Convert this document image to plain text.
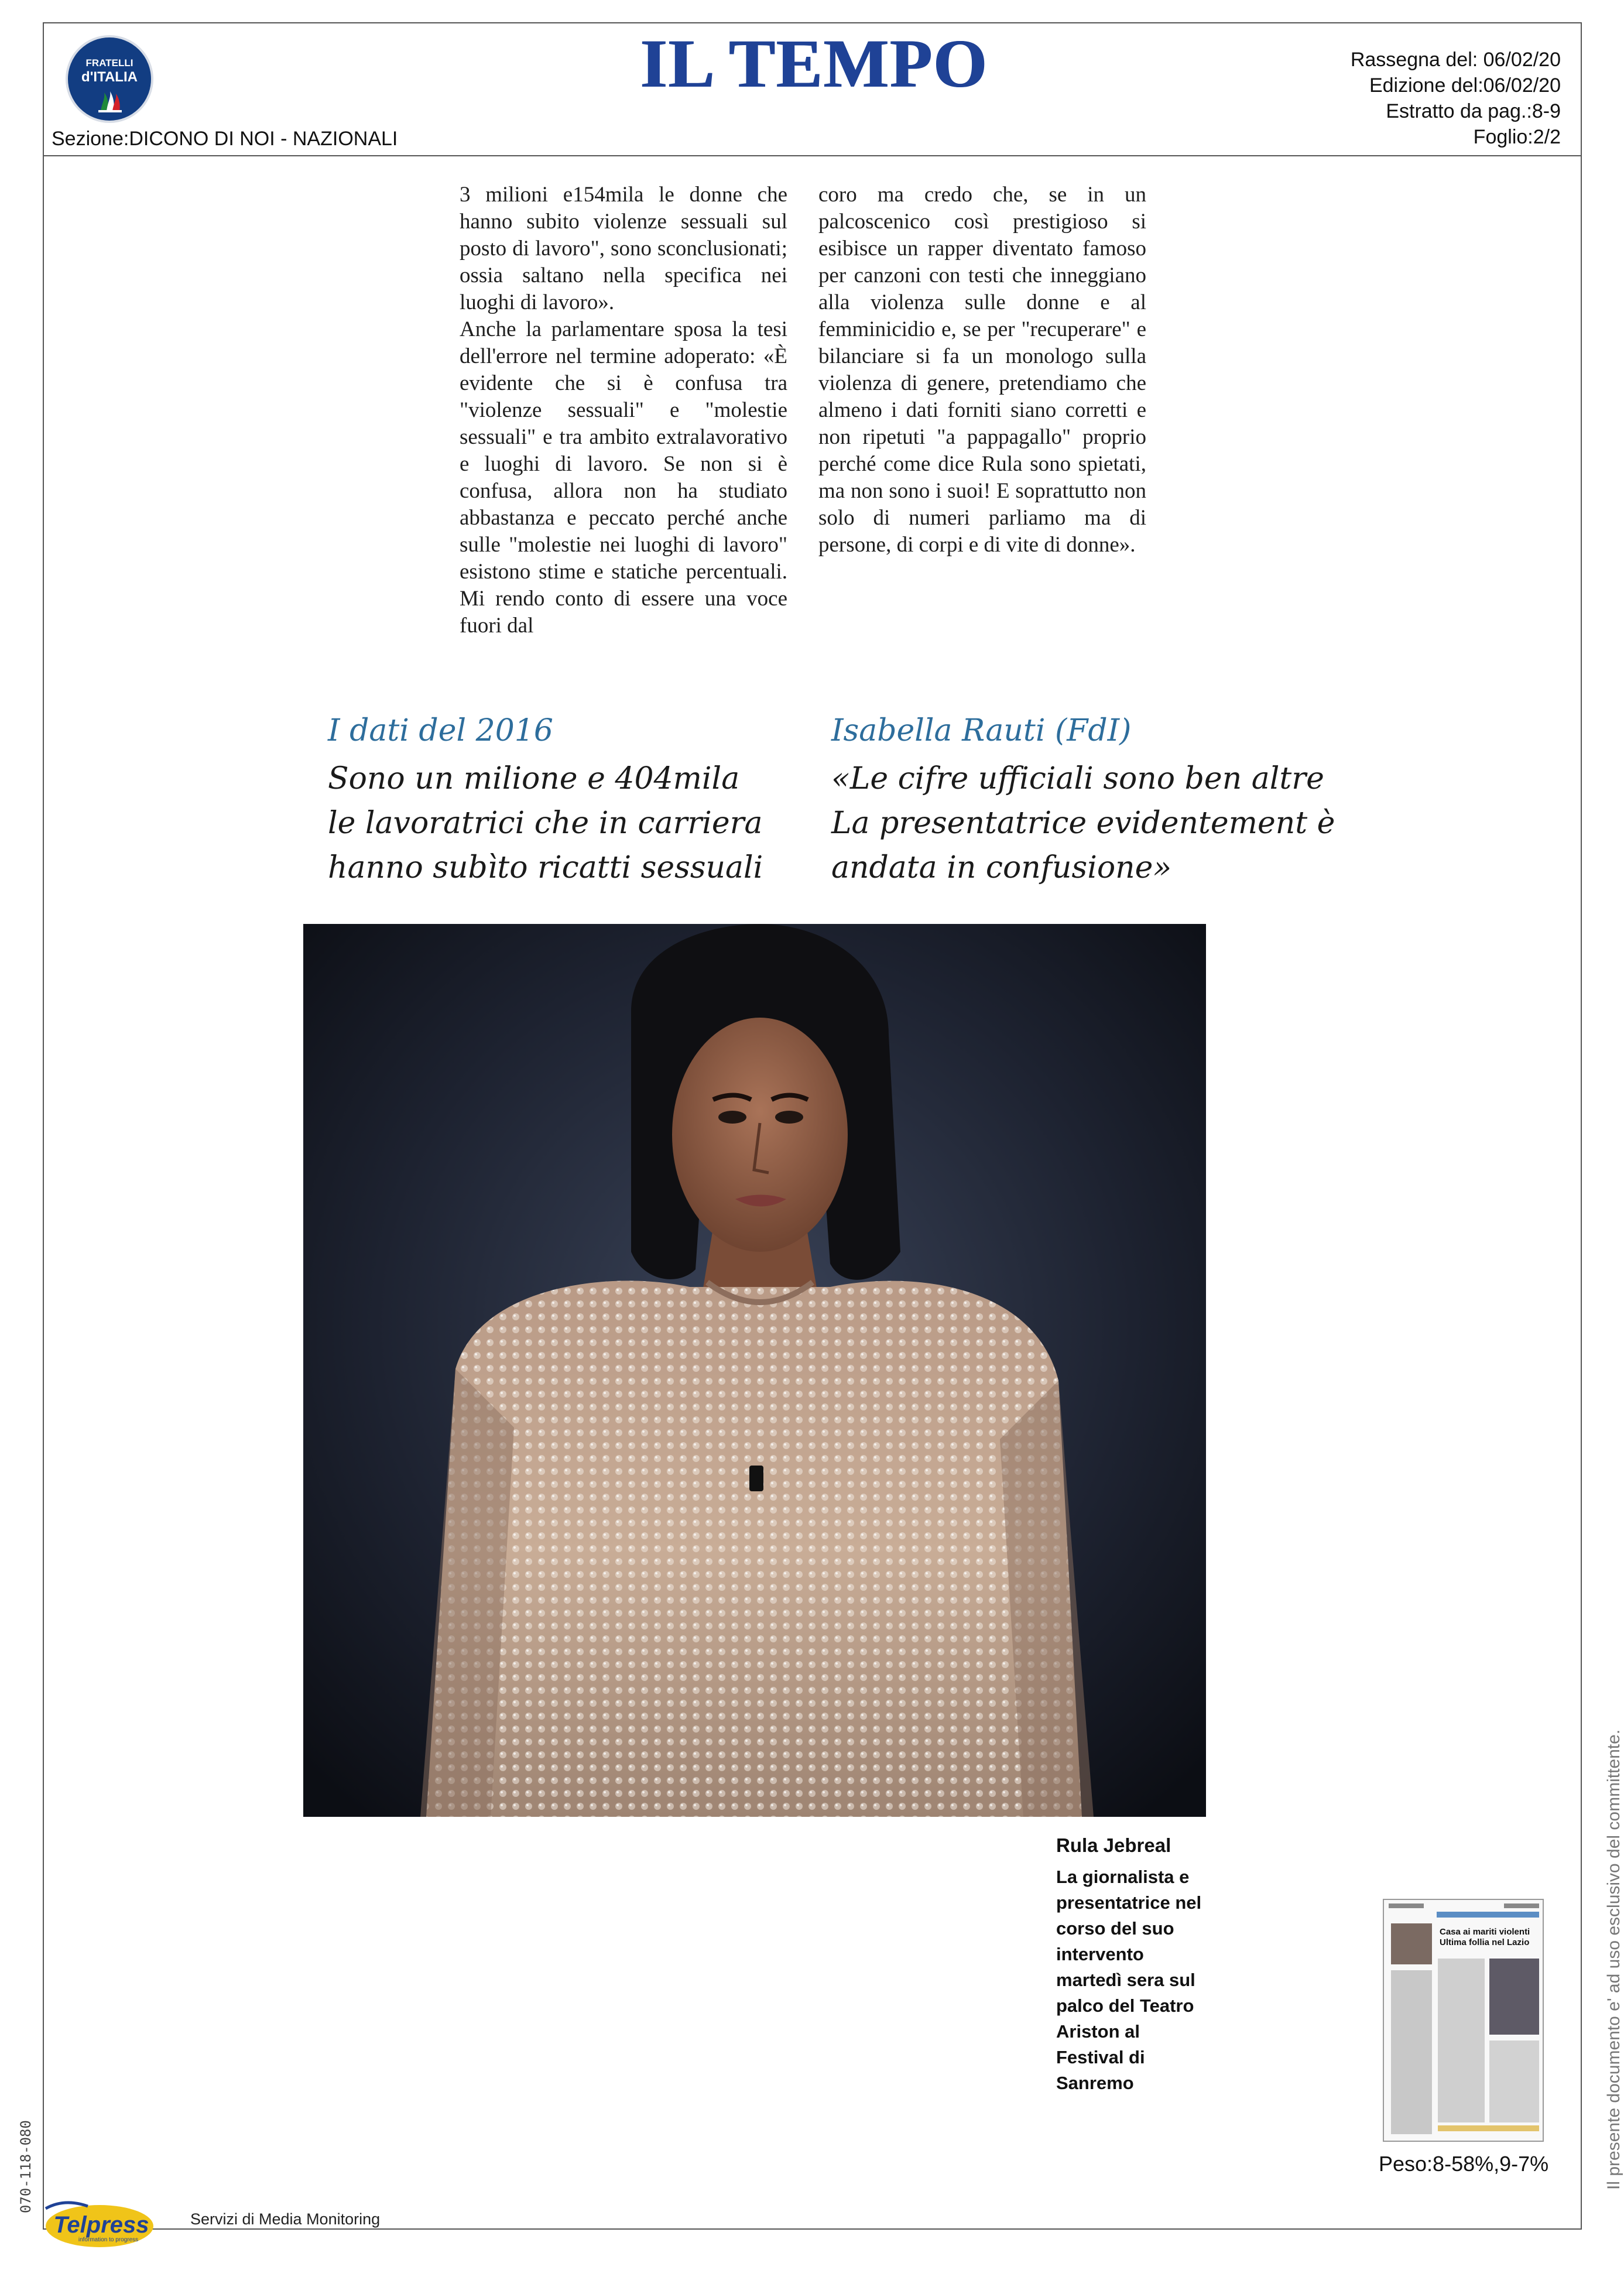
FRATELLI
d'ITALIA
Sezione:DICONO DI NOI - NAZIONALI
IL TEMPO	Rassegna del: 06/02/20
Edizione del:06/02/20
Estratto da pag.:8-9
Foglio:2/2

3 milioni e154mila le donne che hanno subito violenze sessuali sul posto di lavoro", sono sconclusionati; ossia saltano nella specifica nei luoghi di lavoro».

Anche la parlamentare sposa la tesi dell'errore nel termine adoperato: «È evidente che si è confusa tra "violenze sessuali" e "molestie sessuali" e tra ambito extralavorativo e luoghi di lavoro. Se non si è confusa, allora non ha studiato abbastanza e peccato perché anche sulle "molestie nei luoghi di lavoro" esistono stime e statiche percentuali. Mi rendo conto di essere una voce fuori dal

coro ma credo che, se in un palcoscenico così prestigioso si esibisce un rapper diventato famoso per canzoni con testi che inneggiano alla violenza sulle donne e al femminicidio e, se per "recuperare" e bilanciare si fa un monologo sulla violenza di genere, pretendiamo che almeno i dati forniti siano corretti e non ripetuti "a pappagallo" proprio perché come dice Rula sono spietati, ma non sono i suoi! E soprattutto non solo di numeri parliamo ma di persone, di corpi e di vite di donne».

I dati del 2016
Sono un milione e 404mila
le lavoratrici che in carriera
hanno subìto ricatti sessuali
Isabella Rauti (FdI)
«Le cifre ufficiali sono ben altre
La presentatrice evidentement è
andata in confusione»
Rula Jebreal
La giornalista e presentatrice nel corso del suo intervento martedì sera sul palco del Teatro Ariston al Festival di Sanremo
Casa ai mariti violenti Ultima follia nel Lazio
Peso:8-58%,9-7%	Il presente documento e' ad uso esclusivo del committente.
070-118-080
Telpress
information to progress
Servizi di Media Monitoring
